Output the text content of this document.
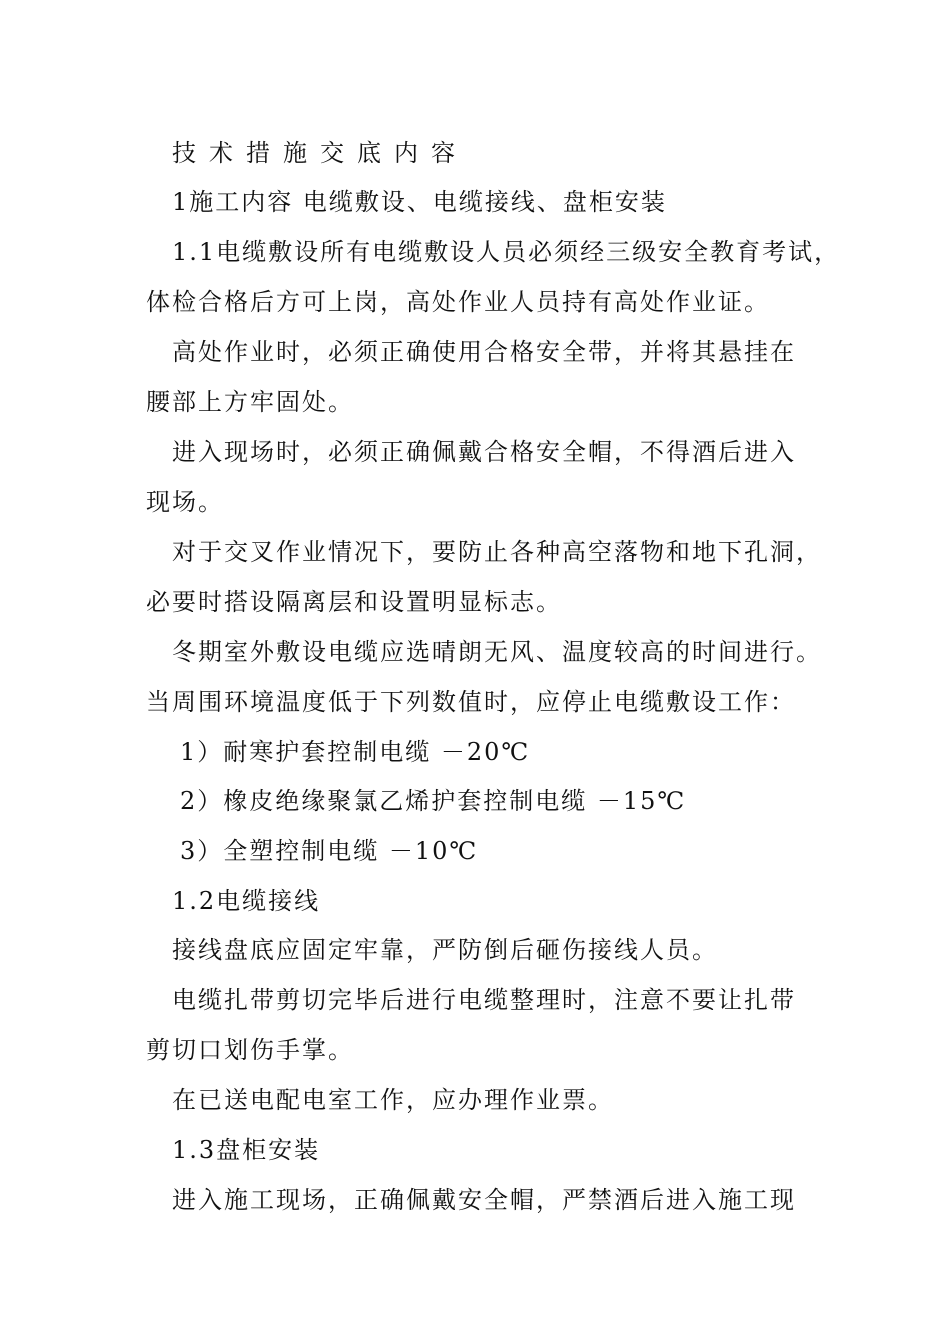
技术措施交底内容
1施工内容 电缆敷设、电缆接线、盘柜安装
1.1电缆敷设所有电缆敷设人员必须经三级安全教育考试，
体检合格后方可上岗，高处作业人员持有高处作业证。
高处作业时，必须正确使用合格安全带，并将其悬挂在
腰部上方牢固处。
进入现场时，必须正确佩戴合格安全帽，不得酒后进入
现场。
对于交叉作业情况下，要防止各种高空落物和地下孔洞，
必要时搭设隔离层和设置明显标志。
冬期室外敷设电缆应选晴朗无风、温度较高的时间进行。
当周围环境温度低于下列数值时，应停止电缆敷设工作：
1）耐寒护套控制电缆 －20℃
2）橡皮绝缘聚氯乙烯护套控制电缆 －15℃
3）全塑控制电缆 －10℃
1.2电缆接线
接线盘底应固定牢靠，严防倒后砸伤接线人员。
电缆扎带剪切完毕后进行电缆整理时，注意不要让扎带
剪切口划伤手掌。
在已送电配电室工作，应办理作业票。
1.3盘柜安装
进入施工现场，正确佩戴安全帽，严禁酒后进入施工现
